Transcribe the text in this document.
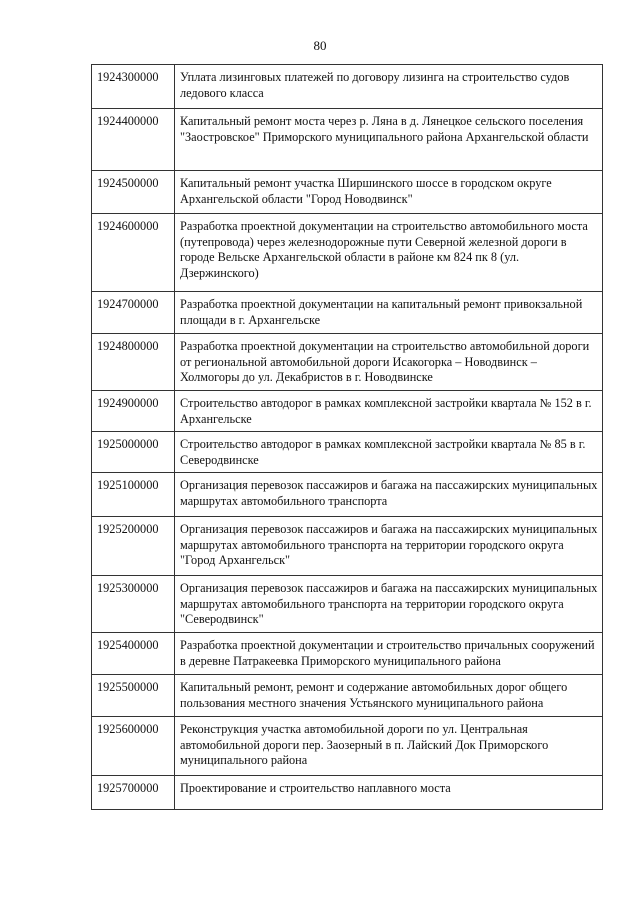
80
1924300000	Уплата лизинговых платежей по договору лизинга на строительство судов ледового класса
1924400000	Капитальный ремонт моста через р. Ляна в д. Лянецкое сельского поселения "Заостровское" Приморского муниципального района Архангельской области
1924500000	Капитальный ремонт участка Ширшинского шоссе в городском округе Архангельской области "Город Новодвинск"
1924600000	Разработка проектной документации на строительство автомобильного моста (путепровода) через железнодорожные пути Северной железной дороги в городе Вельске Архангельской области в районе км 824 пк 8 (ул. Дзержинского)
1924700000	Разработка проектной документации на капитальный ремонт привокзальной площади в г. Архангельске
1924800000	Разработка проектной документации на строительство автомобильной дороги от региональной автомобильной дороги Исакогорка – Новодвинск – Холмогоры до ул. Декабристов в г. Новодвинске
1924900000	Строительство автодорог в рамках комплексной застройки квартала № 152 в г. Архангельске
1925000000	Строительство автодорог в рамках комплексной застройки квартала № 85 в г. Северодвинске
1925100000	Организация перевозок пассажиров и багажа на пассажирских муниципальных маршрутах автомобильного транспорта
1925200000	Организация перевозок пассажиров и багажа на пассажирских муниципальных маршрутах автомобильного транспорта на территории городского округа "Город Архангельск"
1925300000	Организация перевозок пассажиров и багажа на пассажирских муниципальных маршрутах автомобильного транспорта на территории городского округа "Северодвинск"
1925400000	Разработка проектной документации и строительство причальных сооружений в деревне Патракеевка Приморского муниципального района
1925500000	Капитальный ремонт, ремонт и содержание автомобильных дорог общего пользования местного значения Устьянского муниципального района
1925600000	Реконструкция участка автомобильной дороги по ул. Центральная автомобильной дороги пер. Заозерный в п. Лайский Док Приморского муниципального района
1925700000	Проектирование и строительство наплавного моста
